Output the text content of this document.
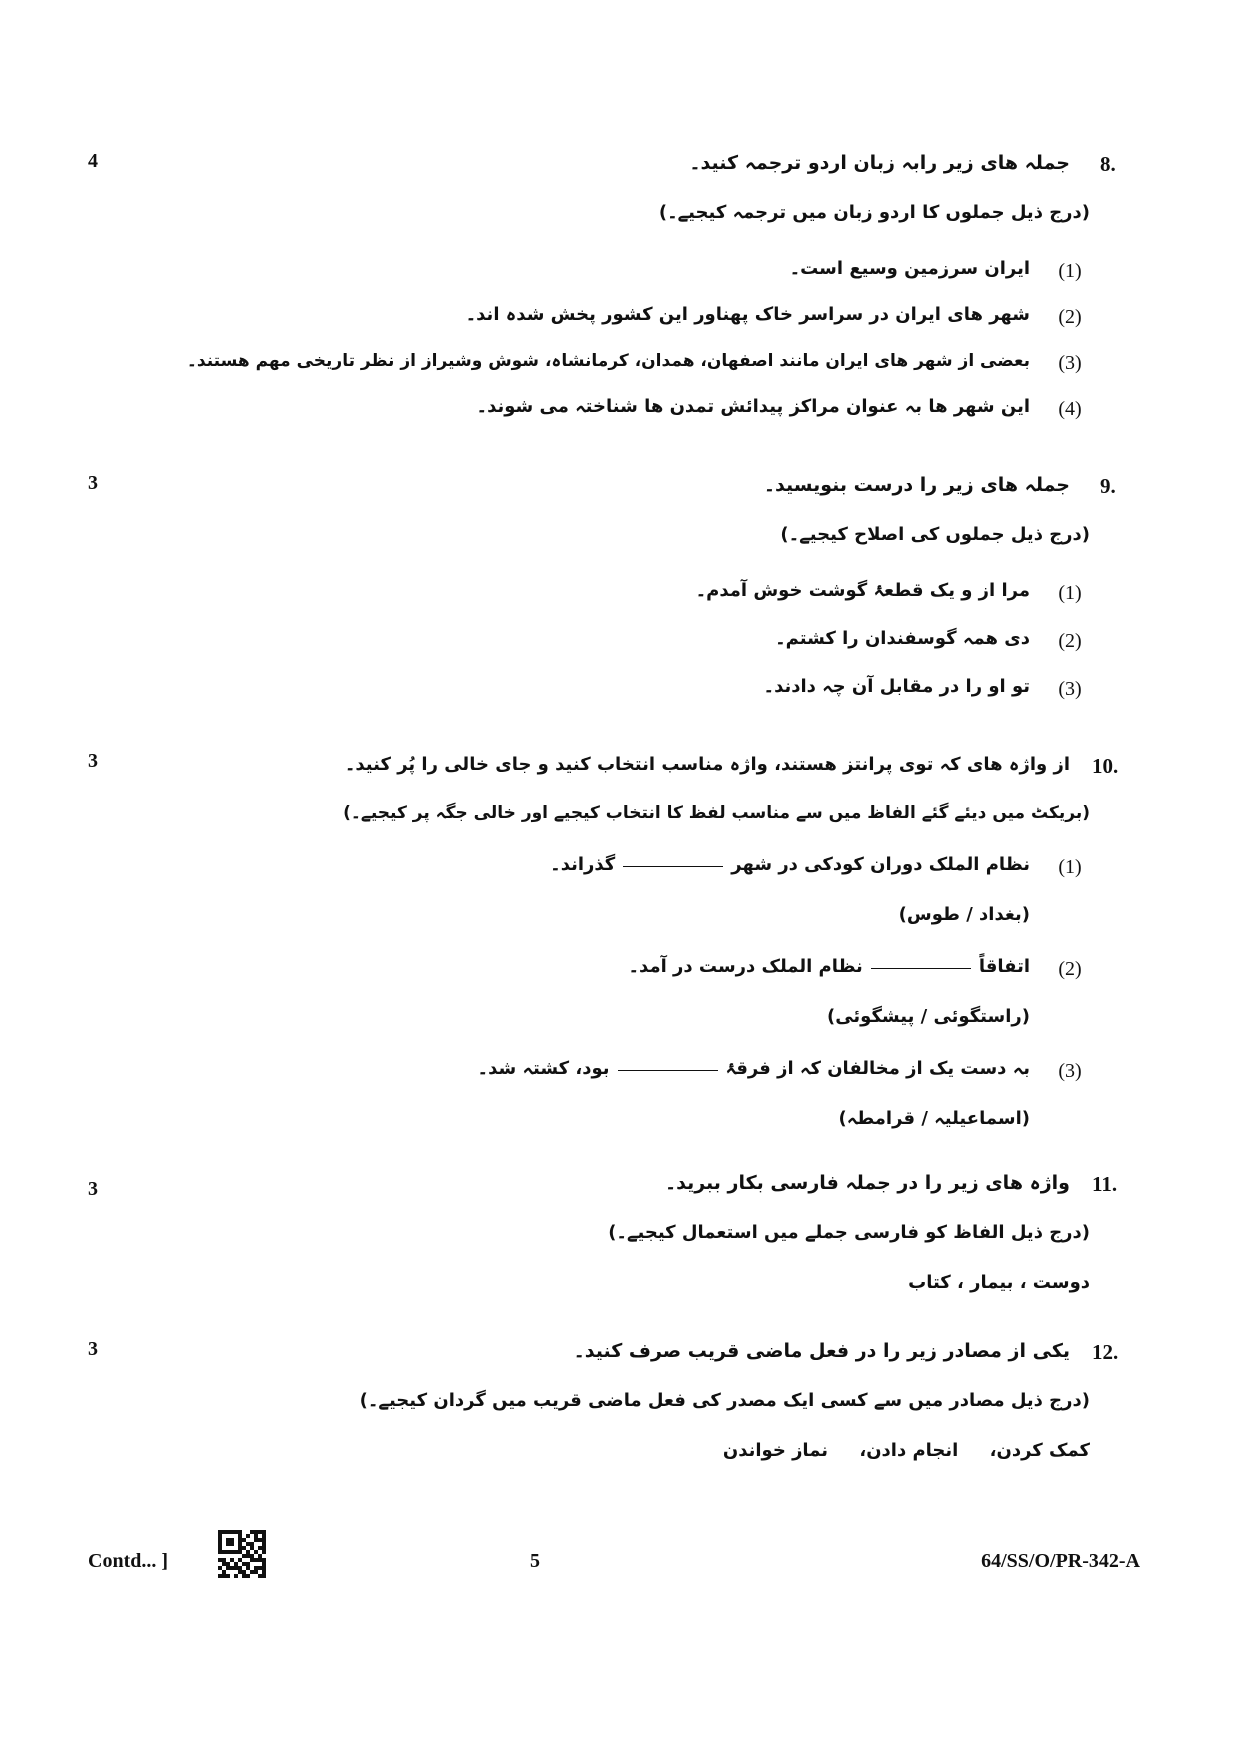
4	8.
جملہ ھای زیر رابہ زبان اردو ترجمہ کنید۔
(درج ذیل جملوں کا اردو زبان میں ترجمہ کیجیے۔)
(1)
ایران سرزمین وسیع است۔
(2)
شھر ھای ایران در سراسر خاک پھناور این کشور پخش شدہ اند۔
(3)
بعضی از شھر ھای ایران مانند اصفھان، ھمدان، کرمانشاہ، شوش وشیراز از نظر تاریخی مھم ھستند۔
(4)
این شھر ھا بہ عنوان مراکز پیدائش تمدن ھا شناختہ می شوند۔
3	9.
جملہ ھای زیر را درست بنویسید۔
(درج ذیل جملوں کی اصلاح کیجیے۔)
(1)
مرا از و یک قطعۂ گوشت خوش آمدم۔
(2)
دی ھمہ گوسفندان را کشتم۔
(3)
تو او را در مقابل آن چہ دادند۔
3	10.
از واژہ ھای کہ توی پرانتز ھستند، واژہ مناسب انتخاب کنید و جای خالی را پُر کنید۔
(بریکٹ میں دیئے گئے الفاظ میں سے مناسب لفظ کا انتخاب کیجیے اور خالی جگہ پر کیجیے۔)
(1)
نظام الملک دوران کودکی در شھرگذراند۔
(بغداد / طوس)
(2)
اتفاقاًنظام الملک درست در آمد۔
(راستگوئی / پیشگوئی)
(3)
بہ دست یک از مخالفان کہ از فرقۂبود، کشتہ شد۔
(اسماعیلیہ / قرامطہ)
3	11.
واژہ ھای زیر را در جملہ فارسی بکار ببرید۔
(درج ذیل الفاظ کو فارسی جملے میں استعمال کیجیے۔)
دوست ، بیمار ، کتاب
3	12.
یکی از مصادر زیر را در فعل ماضی قریب صرف کنید۔
(درج ذیل مصادر میں سے کسی ایک مصدر کی فعل ماضی قریب میں گردان کیجیے۔)
کمک کردن،     انجام دادن،     نماز خواندن
Contd... ]	5	64/SS/O/PR-342-A
